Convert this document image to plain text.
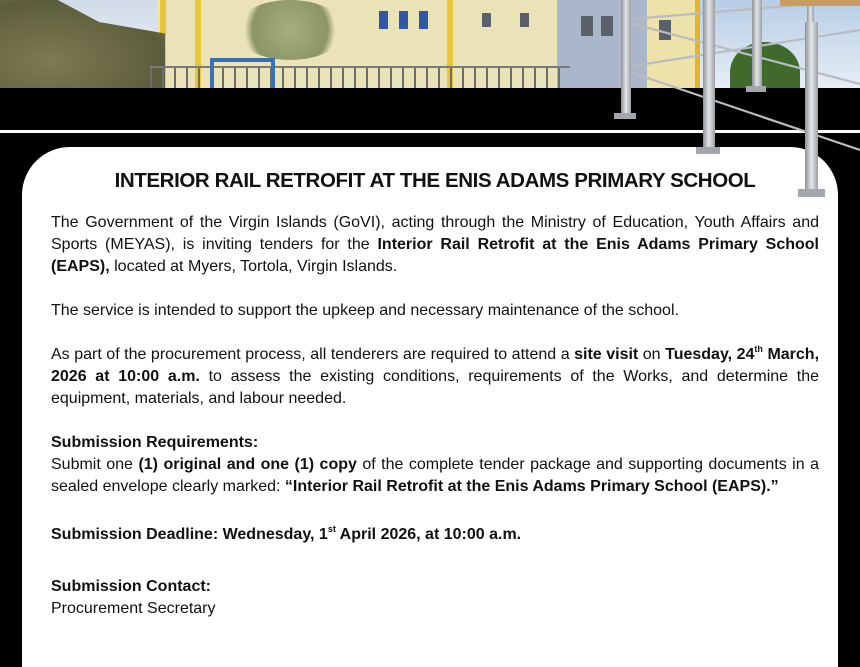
INTERIOR RAIL RETROFIT AT THE ENIS ADAMS PRIMARY SCHOOL

The Government of the Virgin Islands (GoVI), acting through the Ministry of Education, Youth Affairs and Sports (MEYAS), is inviting tenders for the Interior Rail Retrofit at the Enis Adams Primary School (EAPS), located at Myers, Tortola, Virgin Islands.

The service is intended to support the upkeep and necessary maintenance of the school.

As part of the procurement process, all tenderers are required to attend a site visit on Tuesday, 24th March, 2026 at 10:00 a.m. to assess the existing conditions, requirements of the Works, and determine the equipment, materials, and labour needed.

Submission Requirements:

Submit one (1) original and one (1) copy of the complete tender package and supporting documents in a sealed envelope clearly marked: “Interior Rail Retrofit at the Enis Adams Primary School (EAPS).”

Submission Deadline: Wednesday, 1st April 2026, at 10:00 a.m.

Submission Contact:

Procurement Secretary
